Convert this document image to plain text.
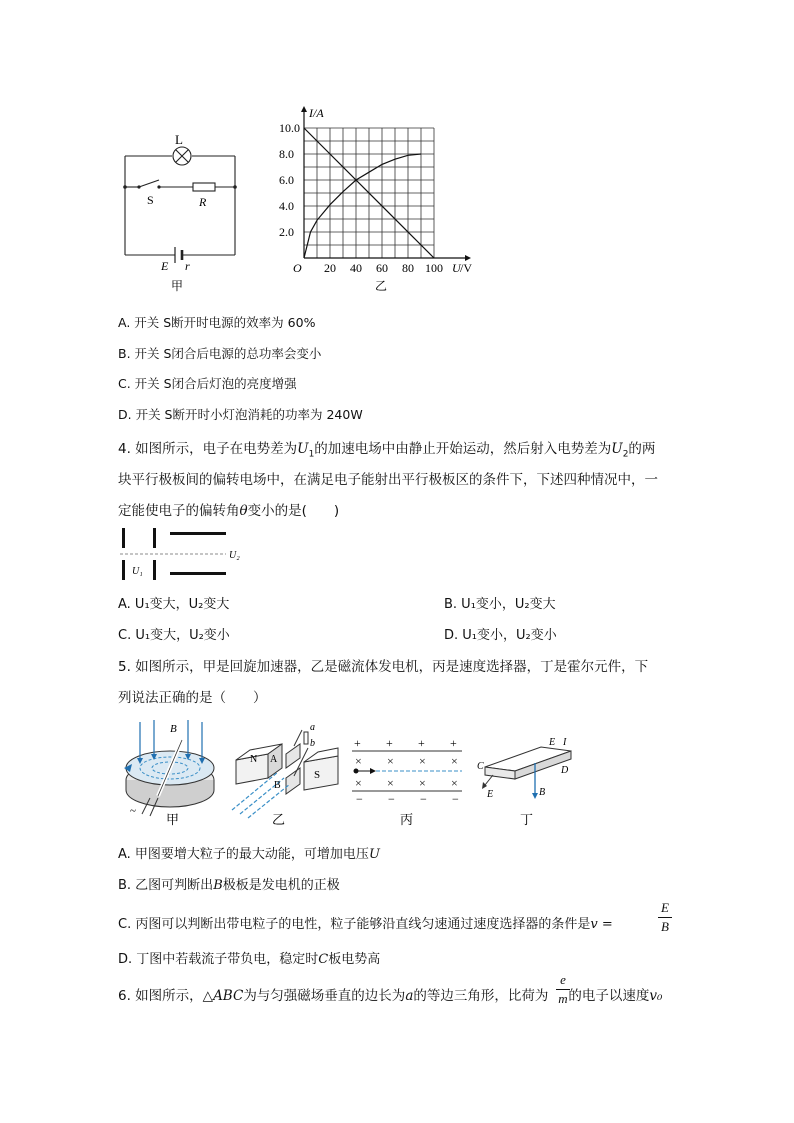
L
S	R
E r
甲
10.0
8.0
6.0
4.0
2.0
20 40 60 80 100
I/A
O	U /V
乙
A. 开关 S断开时电源的效率为 60%
B. 开关 S闭合后电源的总功率会变小
C. 开关 S闭合后灯泡的亮度增强
D. 开关 S断开时小灯泡消耗的功率为 240W
4. 如图所示，电子在电势差为$U_1$的加速电场中由静止开始运动，然后射入电势差为$U_2$的两
块平行极板间的偏转电场中，在满足电子能射出平行极板区的条件下，下述四种情况中，一
定能使电子的偏转角θ变小的是(　　)
U₁
U₂
A. U₁变大，U₂变大	B. U₁变小，U₂变大
C. U₁变大，U₂变小	D. U₁变小，U₂变小
5. 如图所示，甲是回旋加速器，乙是磁流体发电机，丙是速度选择器，丁是霍尔元件，下
列说法正确的是（　　）
~
B
甲
a
b
N A
S
B
乙
+ + + +
× × × ×
× × × ×
− − − −
丙
E I
C	D
E	B
丁
A. 甲图要增大粒子的最大动能，可增加电压U
B. 乙图可判断出B极板是发电机的正极
C. 丙图可以判断出带电粒子的电性，粒子能够沿直线匀速通过速度选择器的条件是v =
E
B
D. 丁图中若载流子带负电，稳定时C板电势高
6. 如图所示，△ABC为与匀强磁场垂直的边长为a的等边三角形，比荷为 的电子以速度v₀
e
m
